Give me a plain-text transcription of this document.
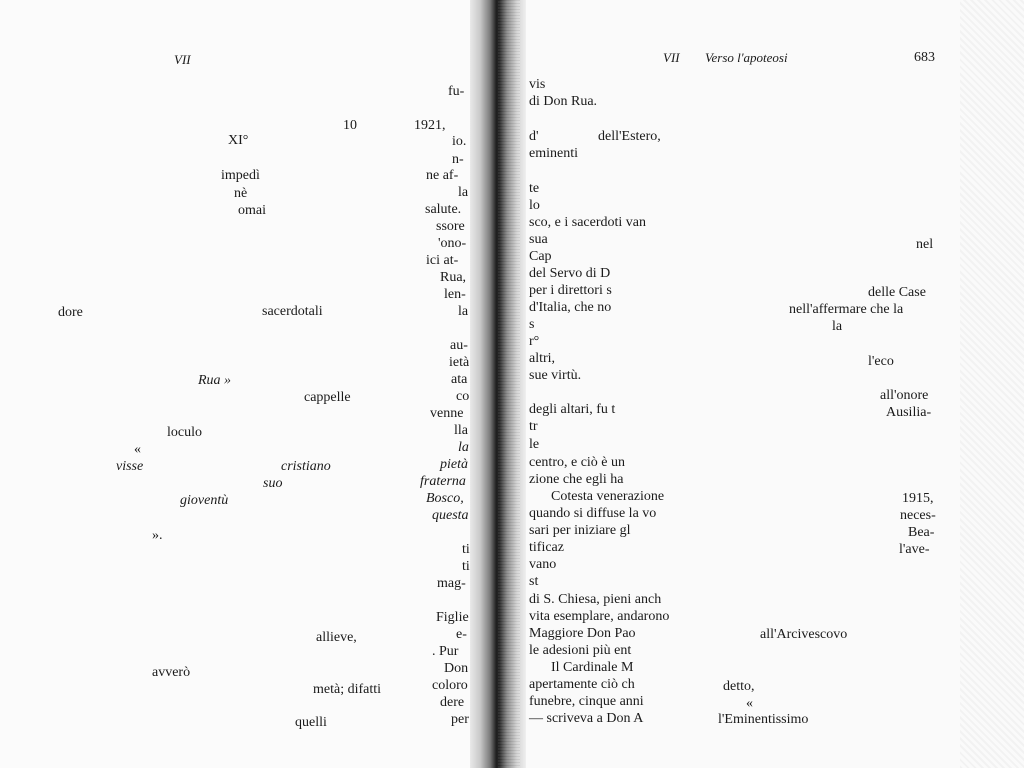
VII
fu-
10	1921,
XI°	io.
n-
impedì	ne af-
nè	la
omai	salute.
ssore
'ono-
ici at-
Rua,
len-
dore	sacerdotali	la
au-
ietà
Rua »	ata
cappelle	co
venne
loculo	lla
la
«
visse	cristiano	pietà
suo	fraterna
gioventù	Bosco,
questa
».
ti
ti
mag-
Figlie
allieve,	e-
. Pur
avverò	Don
metà; difatti	coloro
dere
quelli	per
VII Verso l'apoteosi	683
vis
di Don Rua.
d'	dell'Estero,
eminenti
te
lo
sco, e i sacerdoti van
sua	nel
Cap
del Servo di D
per i direttori s	delle Case
d'Italia, che no	nell'affermare che la
s	la
r°
altri,	l'eco
sue virtù.
all'onore
degli altari, fu t	Ausilia-
tr
le
centro, e ciò è un
zione che egli ha
Cotesta venerazione	1915,
quando si diffuse la vo	neces-
sari per iniziare gl	Bea-
tificaz	l'ave-
vano
st
di S. Chiesa, pieni anch
vita esemplare, andarono
Maggiore Don Pao	all'Arcivescovo
le adesioni più ent
Il Cardinale M
apertamente ciò ch	detto,
funebre, cinque anni	«
— scriveva a Don A	l'Eminentissimo
